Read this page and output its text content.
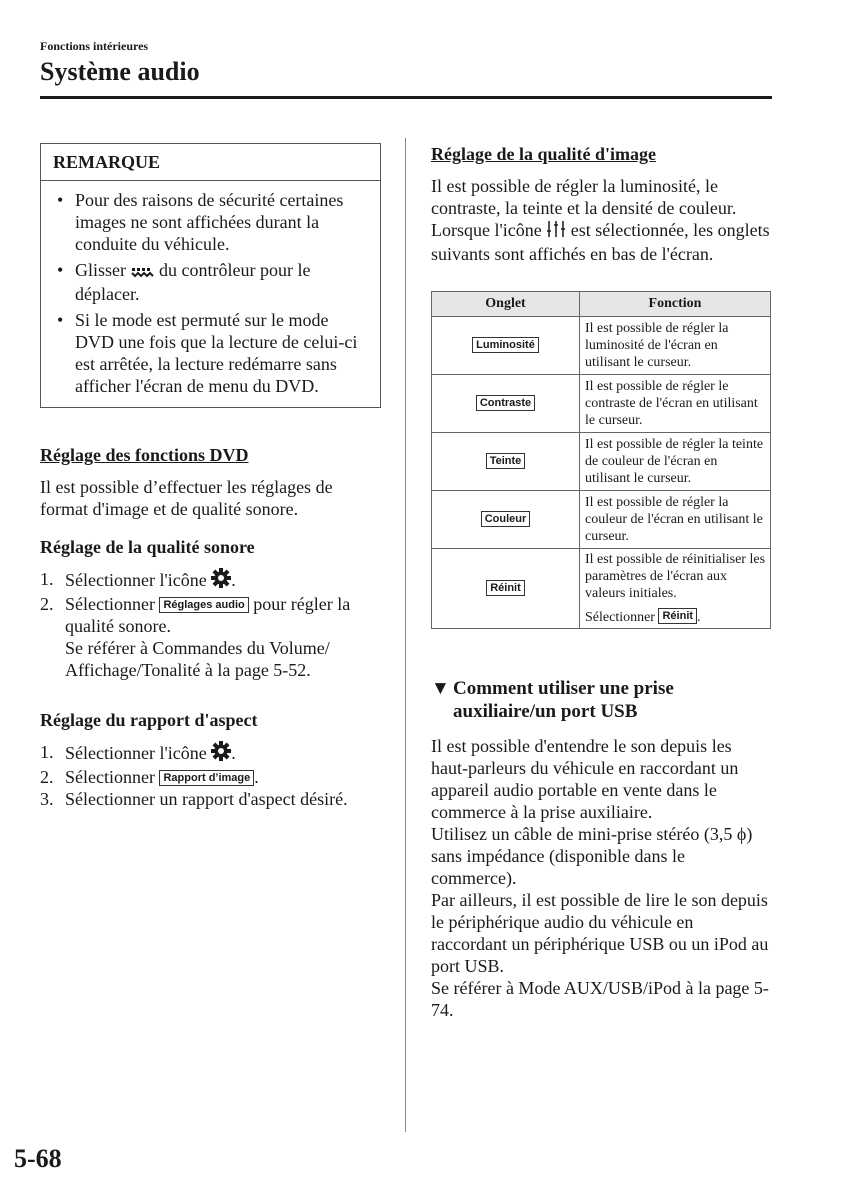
Fonctions intérieures
Système audio
REMARQUE
• Pour des raisons de sécurité certaines images ne sont affichées durant la conduite du véhicule.
• Glisser du contrôleur pour le déplacer.
• Si le mode est permuté sur le mode DVD une fois que la lecture de celui-ci est arrêtée, la lecture redémarre sans afficher l'écran de menu du DVD.
Réglage des fonctions DVD

Il est possible d’effectuer les réglages de format d'image et de qualité sonore.

Réglage de la qualité sonore
1. Sélectionner l'icône .
2. Sélectionner Réglages audio pour régler la qualité sonore.
Se référer à Commandes du Volume/ Affichage/Tonalité à la page 5-52.
Réglage du rapport d'aspect
1. Sélectionner l'icône .
2. Sélectionner Rapport d’image .
3. Sélectionner un rapport d'aspect désiré.
Réglage de la qualité d'image

Il est possible de régler la luminosité, le contraste, la teinte et la densité de couleur. Lorsque l'icône est sélectionnée, les onglets suivants sont affichés en bas de l'écran.

Onglet	Fonction
Luminosité	Il est possible de régler la luminosité de l'écran en utilisant le curseur.
Contraste	Il est possible de régler le contraste de l'écran en utilisant le curseur.
Teinte	Il est possible de régler la teinte de couleur de l'écran en utilisant le curseur.
Couleur	Il est possible de régler la couleur de l'écran en utilisant le curseur.
Réinit	Il est possible de réinitialiser les paramètres de l'écran aux valeurs initiales.
Sélectionner Réinit .
▼ Comment utiliser une prise
auxiliaire/un port USB

Il est possible d'entendre le son depuis les haut-parleurs du véhicule en raccordant un appareil audio portable en vente dans le commerce à la prise auxiliaire.

Utilisez un câble de mini-prise stéréo (3,5 ϕ) sans impédance (disponible dans le commerce).

Par ailleurs, il est possible de lire le son depuis le périphérique audio du véhicule en raccordant un périphérique USB ou un iPod au port USB.

Se référer à Mode AUX/USB/iPod à la page 5-74.

5-68
